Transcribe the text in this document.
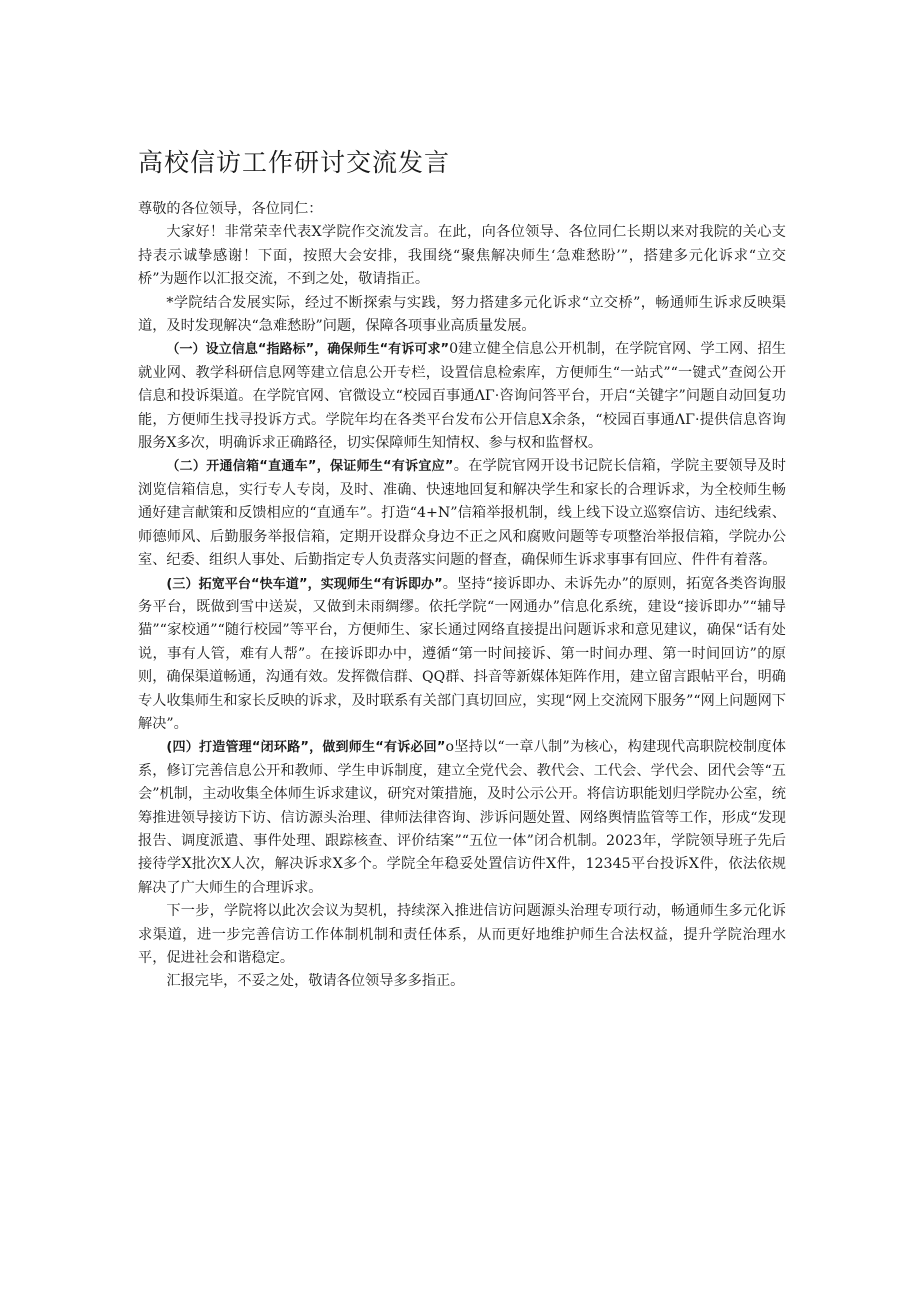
高校信访工作研讨交流发言

尊敬的各位领导，各位同仁：

大家好！非常荣幸代表X学院作交流发言。在此，向各位领导、各位同仁长期以来对我院的关心支持表示诚挚感谢！下面，按照大会安排，我围绕“聚焦解决师生‘急难愁盼’”，搭建多元化诉求“立交桥”为题作以汇报交流，不到之处，敬请指正。

*学院结合发展实际，经过不断探索与实践，努力搭建多元化诉求“立交桥”，畅通师生诉求反映渠道，及时发现解决“急难愁盼”问题，保障各项事业高质量发展。

（一）设立信息“指路标”，确保师生“有诉可求”0建立健全信息公开机制，在学院官网、学工网、招生就业网、教学科研信息网等建立信息公开专栏，设置信息检索库，方便师生“一站式”“一键式”查阅公开信息和投诉渠道。在学院官网、官微设立“校园百事通ΛΓ·咨询问答平台，开启“关键字”问题自动回复功能，方便师生找寻投诉方式。学院年均在各类平台发布公开信息X余条，“校园百事通ΛΓ·提供信息咨询服务X多次，明确诉求正确路径，切实保障师生知情权、参与权和监督权。

（二）开通信箱“直通车”，保证师生“有诉宜应”。在学院官网开设书记院长信箱，学院主要领导及时浏览信箱信息，实行专人专岗，及时、准确、快速地回复和解决学生和家长的合理诉求，为全校师生畅通好建言献策和反馈相应的“直通车”。打造“4+N”信箱举报机制，线上线下设立巡察信访、违纪线索、师德师风、后勤服务举报信箱，定期开设群众身边不正之风和腐败问题等专项整治举报信箱，学院办公室、纪委、组织人事处、后勤指定专人负责落实问题的督查，确保师生诉求事事有回应、件件有着落。

(三）拓宽平台“快车道”，实现师生“有诉即办”。坚持“接诉即办、未诉先办”的原则，拓宽各类咨询服务平台，既做到雪中送炭，又做到未雨绸缪。依托学院“一网通办”信息化系统，建设“接诉即办”“辅导猫”“家校通”“随行校园”等平台，方便师生、家长通过网络直接提出问题诉求和意见建议，确保“话有处说，事有人管，难有人帮”。在接诉即办中，遵循“第一时间接诉、第一时间办理、第一时间回访”的原则，确保渠道畅通，沟通有效。发挥微信群、QQ群、抖音等新媒体矩阵作用，建立留言跟帖平台，明确专人收集师生和家长反映的诉求，及时联系有关部门真切回应，实现“网上交流网下服务”“网上问题网下解决”。

(四）打造管理“闭环路”，做到师生“有诉必回”o坚持以“一章八制”为核心，构建现代高职院校制度体系，修订完善信息公开和教师、学生申诉制度，建立全党代会、教代会、工代会、学代会、团代会等“五会”机制，主动收集全体师生诉求建议，研究对策措施，及时公示公开。将信访职能划归学院办公室，统筹推进领导接访下访、信访源头治理、律师法律咨询、涉诉问题处置、网络舆情监管等工作，形成“发现报告、调度派遣、事件处理、跟踪核查、评价结案”“五位一体”闭合机制。2023年，学院领导班子先后接待学X批次X人次，解决诉求X多个。学院全年稳妥处置信访件X件，12345平台投诉X件，依法依规解决了广大师生的合理诉求。

下一步，学院将以此次会议为契机，持续深入推进信访问题源头治理专项行动，畅通师生多元化诉求渠道，进一步完善信访工作体制机制和责任体系，从而更好地维护师生合法权益，提升学院治理水平，促进社会和谐稳定。

汇报完毕，不妥之处，敬请各位领导多多指正。
